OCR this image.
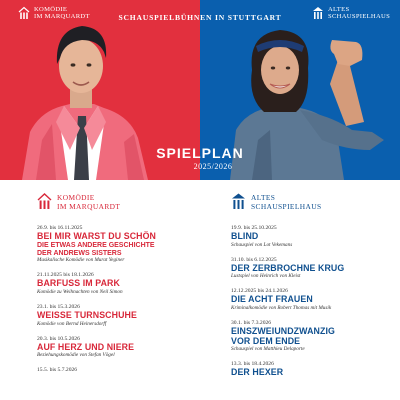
KOMÖDIE
IM MARQUARDT	SCHAUSPIELBÜHNEN IN STUTTGART
ALTES
SCHAUSPIELHAUS
SPIELPLAN
2025/2026
KOMÖDIE
IM MARQUARDT
26.9. bis 16.11.2025
BEI MIR WARST DU SCHÖN
DIE ETWAS ANDERE GESCHICHTE
DER ANDREWS SISTERS
Musikalische Komödie von Murat Yeginer
21.11.2025 bis 18.1.2026
BARFUSS IM PARK
Komödie zu Weihnachten von Neil Simon
23.1. bis 15.3.2026
WEISSE TURNSCHUHE
Komödie von Bernd Heinersdorff
20.3. bis 10.5.2026
AUF HERZ UND NIERE
Beziehungskomödie von Stefan Vögel
15.5. bis 5.7.2026
ALTES
SCHAUSPIELHAUS
19.9. bis 25.10.2025
BLIND
Schauspiel von Lot Vekemans
31.10. bis 6.12.2025
DER ZERBROCHNE KRUG
Lustspiel von Heinrich von Kleist
12.12.2025 bis 24.1.2026
DIE ACHT FRAUEN
Kriminalkomödie von Robert Thomas mit Musik
30.1. bis 7.3.2026
EINSZWEIUNDZWANZIG
VOR DEM ENDE
Schauspiel von Matthieu Delaporte
13.3. bis 18.4.2026
DER HEXER
